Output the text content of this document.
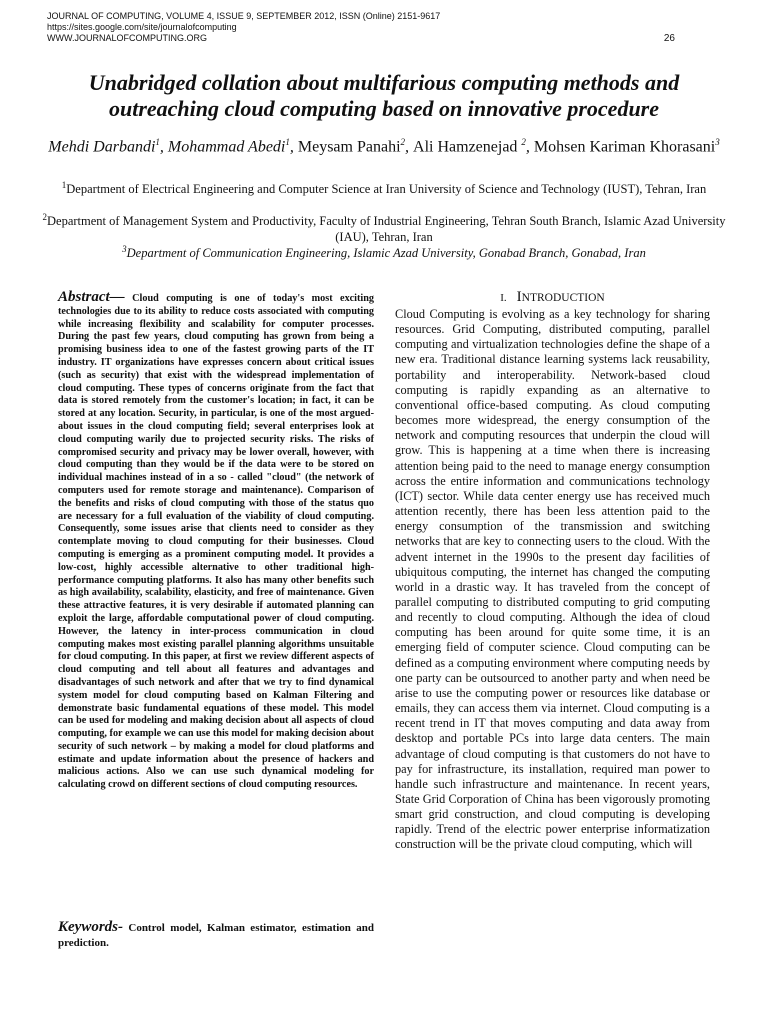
JOURNAL OF COMPUTING, VOLUME 4, ISSUE 9, SEPTEMBER 2012, ISSN (Online) 2151-9617
https://sites.google.com/site/journalofcomputing
WWW.JOURNALOFCOMPUTING.ORG	26
Unabridged collation about multifarious computing methods and outreaching cloud computing based on innovative procedure
Mehdi Darbandi$^1$, Mohammad Abedi$^1$, Meysam Panahi$^2$, Ali Hamzenejad $^2$, Mohsen Kariman Khorasani$^3$
$^1$Department of Electrical Engineering and Computer Science at Iran University of Science and Technology (IUST), Tehran, Iran
$^2$Department of Management System and Productivity, Faculty of Industrial Engineering, Tehran South Branch, Islamic Azad University (IAU), Tehran, Iran
$^3$Department of Communication Engineering, Islamic Azad University, Gonabad Branch, Gonabad, Iran
Abstract— Cloud computing is one of today's most exciting technologies due to its ability to reduce costs associated with computing while increasing flexibility and scalability for computer processes. During the past few years, cloud computing has grown from being a promising business idea to one of the fastest growing parts of the IT industry. IT organizations have expresses concern about critical issues (such as security) that exist with the widespread implementation of cloud computing. These types of concerns originate from the fact that data is stored remotely from the customer's location; in fact, it can be stored at any location. Security, in particular, is one of the most argued-about issues in the cloud computing field; several enterprises look at cloud computing warily due to projected security risks. The risks of compromised security and privacy may be lower overall, however, with cloud computing than they would be if the data were to be stored on individual machines instead of in a so - called "cloud" (the network of computers used for remote storage and maintenance). Comparison of the benefits and risks of cloud computing with those of the status quo are necessary for a full evaluation of the viability of cloud computing. Consequently, some issues arise that clients need to consider as they contemplate moving to cloud computing for their businesses. Cloud computing is emerging as a prominent computing model. It provides a low-cost, highly accessible alternative to other traditional high-performance computing platforms. It also has many other benefits such as high availability, scalability, elasticity, and free of maintenance. Given these attractive features, it is very desirable if automated planning can exploit the large, affordable computational power of cloud computing. However, the latency in inter-process communication in cloud computing makes most existing parallel planning algorithms unsuitable for cloud computing. In this paper, at first we review different aspects of cloud computing and tell about all features and advantages and disadvantages of such network and after that we try to find dynamical system model for cloud computing based on Kalman Filtering and demonstrate basic fundamental equations of these model. This model can be used for modeling and making decision about all aspects of cloud computing, for example we can use this model for making decision about security of such network – by making a model for cloud platforms and estimate and update information about the presence of hackers and malicious actions. Also we can use such dynamical modeling for calculating crowd on different sections of cloud computing resources.
Keywords- Control model, Kalman estimator, estimation and prediction.
I. INTRODUCTION
Cloud Computing is evolving as a key technology for sharing resources. Grid Computing, distributed computing, parallel computing and virtualization technologies define the shape of a new era. Traditional distance learning systems lack reusability, portability and interoperability. Network-based cloud computing is rapidly expanding as an alternative to conventional office-based computing. As cloud computing becomes more widespread, the energy consumption of the network and computing resources that underpin the cloud will grow. This is happening at a time when there is increasing attention being paid to the need to manage energy consumption across the entire information and communications technology (ICT) sector. While data center energy use has received much attention recently, there has been less attention paid to the energy consumption of the transmission and switching networks that are key to connecting users to the cloud. With the advent internet in the 1990s to the present day facilities of ubiquitous computing, the internet has changed the computing world in a drastic way. It has traveled from the concept of parallel computing to distributed computing to grid computing and recently to cloud computing. Although the idea of cloud computing has been around for quite some time, it is an emerging field of computer science. Cloud computing can be defined as a computing environment where computing needs by one party can be outsourced to another party and when need be arise to use the computing power or resources like database or emails, they can access them via internet. Cloud computing is a recent trend in IT that moves computing and data away from desktop and portable PCs into large data centers. The main advantage of cloud computing is that customers do not have to pay for infrastructure, its installation, required man power to handle such infrastructure and maintenance. In recent years, State Grid Corporation of China has been vigorously promoting smart grid construction, and cloud computing is developing rapidly. Trend of the electric power enterprise informatization construction will be the private cloud computing, which will
